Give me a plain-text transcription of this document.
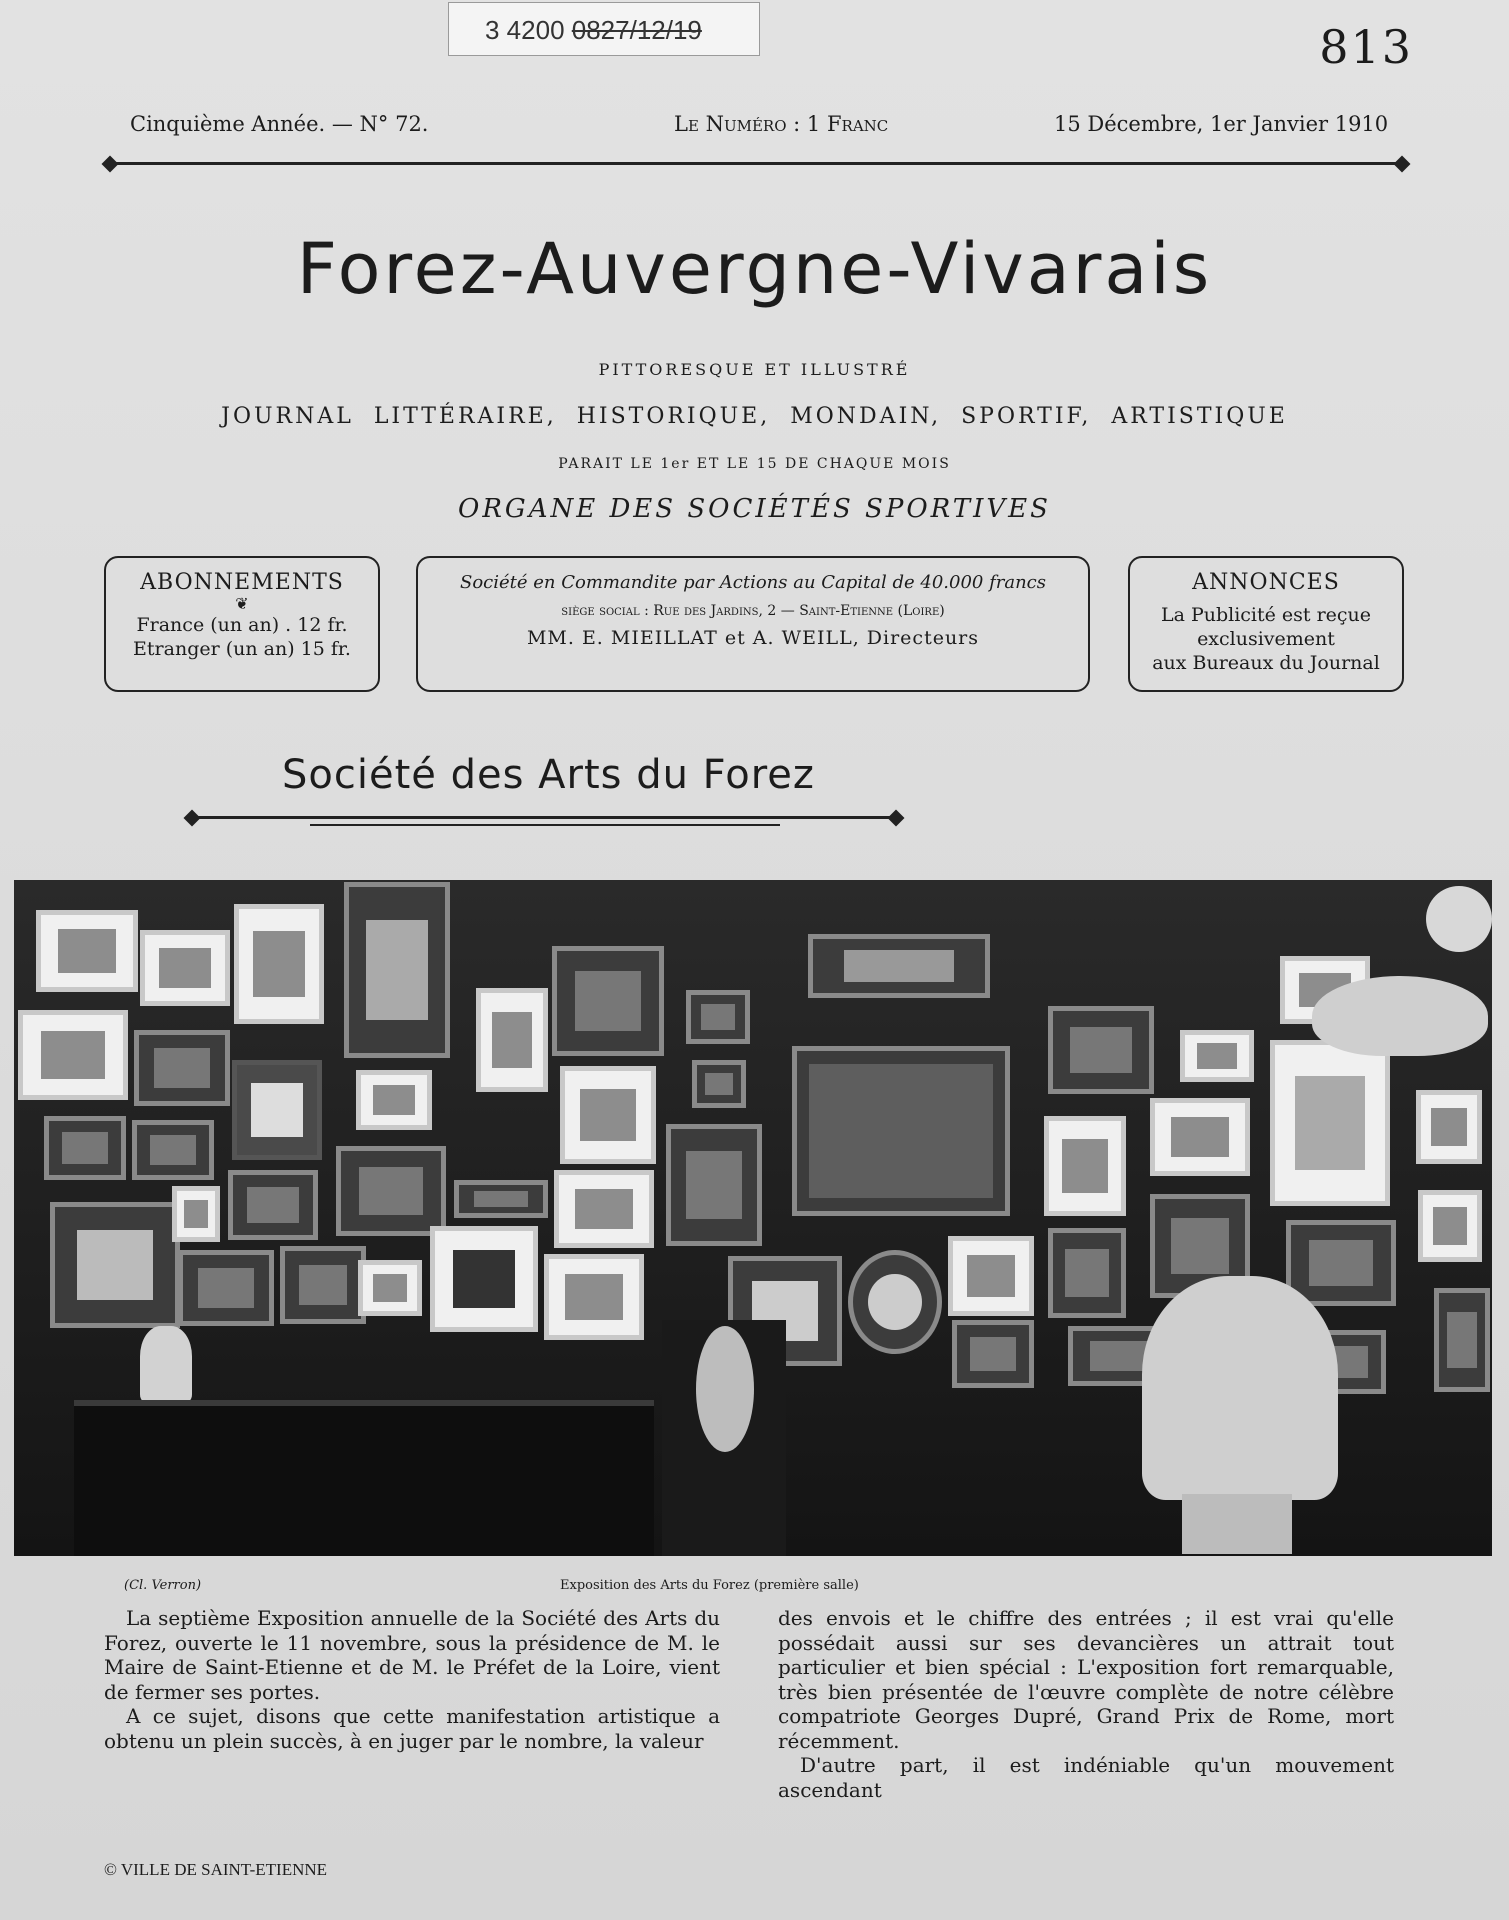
3 4200 0827/12/19	813
Cinquième Année. — N° 72.	Le Numéro : 1 Franc	15 Décembre, 1er Janvier 1910
Forez-Auvergne-Vivarais
PITTORESQUE ET ILLUSTRÉ
JOURNAL LITTÉRAIRE, HISTORIQUE, MONDAIN, SPORTIF, ARTISTIQUE
PARAIT LE 1er ET LE 15 DE CHAQUE MOIS
ORGANE DES SOCIÉTÉS SPORTIVES
ABONNEMENTS
❦
France (un an) . 12 fr.
Etranger (un an) 15 fr.
Société en Commandite par Actions au Capital de 40.000 francs
siège social : Rue des Jardins, 2 — Saint-Etienne (Loire)
MM. E. MIEILLAT et A. WEILL, Directeurs
ANNONCES
La Publicité est reçue
exclusivement
aux Bureaux du Journal
Société des Arts du Forez
(Cl. Verron)	Exposition des Arts du Forez (première salle)

La septième Exposition annuelle de la Société des Arts du Forez, ouverte le 11 novembre, sous la présidence de M. le Maire de Saint-Etienne et de M. le Préfet de la Loire, vient de fermer ses portes.

A ce sujet, disons que cette manifestation artistique a obtenu un plein succès, à en juger par le nombre, la valeur

des envois et le chiffre des entrées ; il est vrai qu'elle possédait aussi sur ses devancières un attrait tout particulier et bien spécial : L'exposition fort remarquable, très bien présentée de l'œuvre complète de notre célèbre compatriote Georges Dupré, Grand Prix de Rome, mort récemment.

D'autre part, il est indéniable qu'un mouvement ascendant

© VILLE DE SAINT-ETIENNE
